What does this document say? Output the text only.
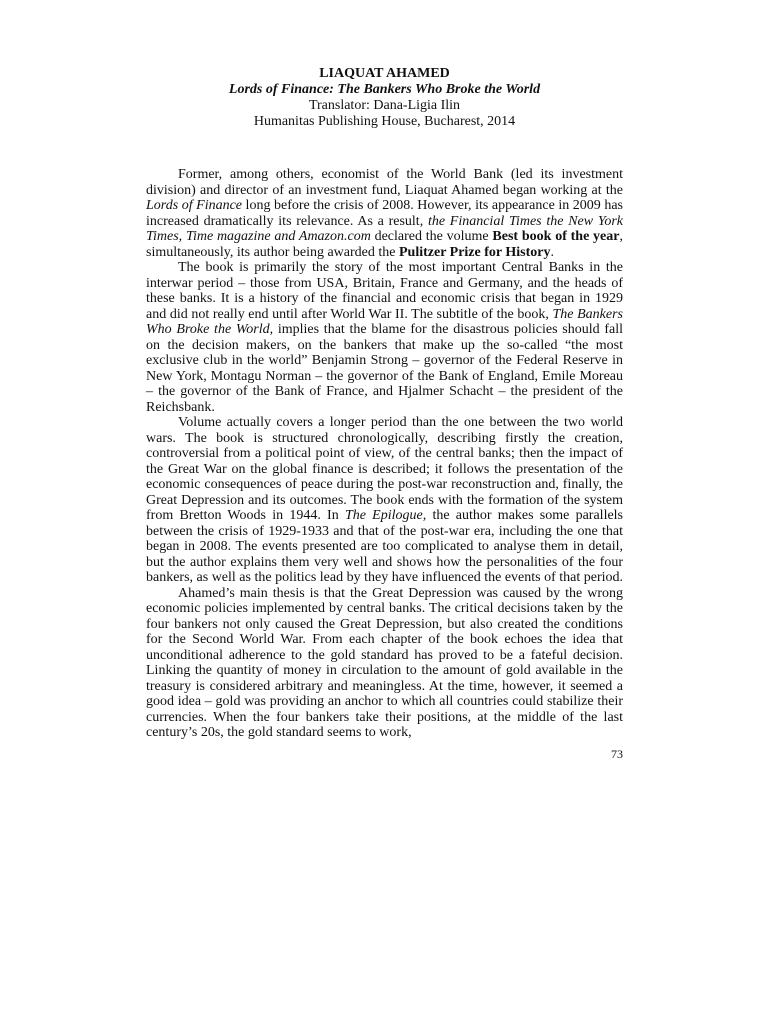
LIAQUAT AHAMED
Lords of Finance: The Bankers Who Broke the World
Translator: Dana-Ligia Ilin
Humanitas Publishing House, Bucharest, 2014

Former, among others, economist of the World Bank (led its investment division) and director of an investment fund, Liaquat Ahamed began working at the Lords of Finance long before the crisis of 2008. However, its appearance in 2009 has increased dramatically its relevance. As a result, the Financial Times the New York Times, Time magazine and Amazon.com declared the volume Best book of the year, simultaneously, its author being awarded the Pulitzer Prize for History.

The book is primarily the story of the most important Central Banks in the interwar period – those from USA, Britain, France and Germany, and the heads of these banks. It is a history of the financial and economic crisis that began in 1929 and did not really end until after World War II. The subtitle of the book, The Bankers Who Broke the World, implies that the blame for the disastrous policies should fall on the decision makers, on the bankers that make up the so-called “the most exclusive club in the world” Benjamin Strong – governor of the Federal Reserve in New York, Montagu Norman – the governor of the Bank of England, Emile Moreau – the governor of the Bank of France, and Hjalmer Schacht – the president of the Reichsbank.

Volume actually covers a longer period than the one between the two world wars. The book is structured chronologically, describing firstly the creation, controversial from a political point of view, of the central banks; then the impact of the Great War on the global finance is described; it follows the presentation of the economic consequences of peace during the post-war reconstruction and, finally, the Great Depression and its outcomes. The book ends with the formation of the system from Bretton Woods in 1944. In The Epilogue, the author makes some parallels between the crisis of 1929-1933 and that of the post-war era, including the one that began in 2008. The events presented are too complicated to analyse them in detail, but the author explains them very well and shows how the personalities of the four bankers, as well as the politics lead by they have influenced the events of that period.

Ahamed’s main thesis is that the Great Depression was caused by the wrong economic policies implemented by central banks. The critical decisions taken by the four bankers not only caused the Great Depression, but also created the conditions for the Second World War. From each chapter of the book echoes the idea that unconditional adherence to the gold standard has proved to be a fateful decision. Linking the quantity of money in circulation to the amount of gold available in the treasury is considered arbitrary and meaningless. At the time, however, it seemed a good idea – gold was providing an anchor to which all countries could stabilize their currencies. When the four bankers take their positions, at the middle of the last century’s 20s, the gold standard seems to work,

73
